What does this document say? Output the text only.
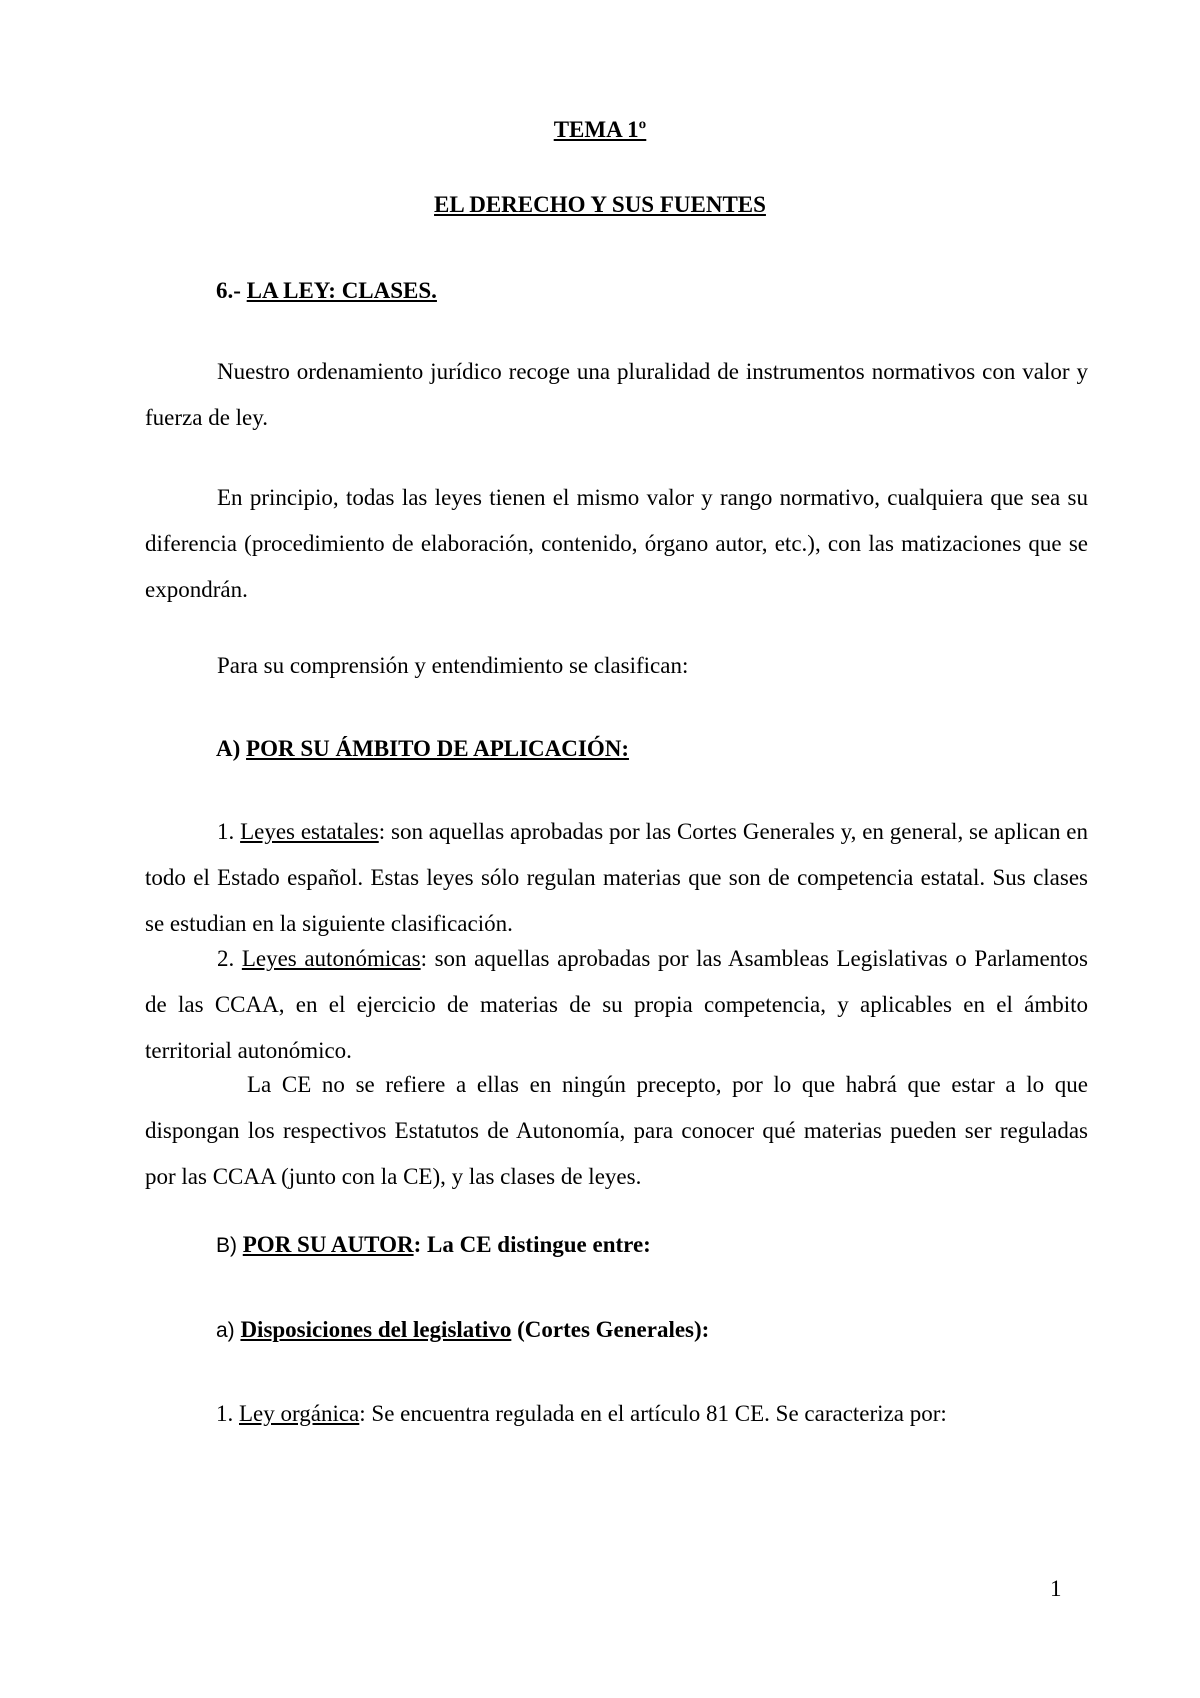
TEMA 1º
EL DERECHO Y SUS FUENTES
6.- LA LEY: CLASES.
Nuestro ordenamiento jurídico recoge una pluralidad de instrumentos normativos con valor y fuerza de ley.
En principio, todas las leyes tienen el mismo valor y rango normativo, cualquiera que sea su diferencia (procedimiento de elaboración, contenido, órgano autor, etc.), con las matizaciones que se expondrán.
Para su comprensión y entendimiento se clasifican:
A) POR SU ÁMBITO DE APLICACIÓN:
1. Leyes estatales: son aquellas aprobadas por las Cortes Generales y, en general, se aplican en todo el Estado español. Estas leyes sólo regulan materias que son de competencia estatal. Sus clases se estudian en la siguiente clasificación.
2. Leyes autonómicas: son aquellas aprobadas por las Asambleas Legislativas o Parlamentos de las CCAA, en el ejercicio de materias de su propia competencia, y aplicables en el ámbito territorial autonómico.
La CE no se refiere a ellas en ningún precepto, por lo que habrá que estar a lo que dispongan los respectivos Estatutos de Autonomía, para conocer qué materias pueden ser reguladas por las CCAA (junto con la CE), y las clases de leyes.
B) POR SU AUTOR: La CE distingue entre:
a) Disposiciones del legislativo (Cortes Generales):
1. Ley orgánica: Se encuentra regulada en el artículo 81 CE. Se caracteriza por:
1
